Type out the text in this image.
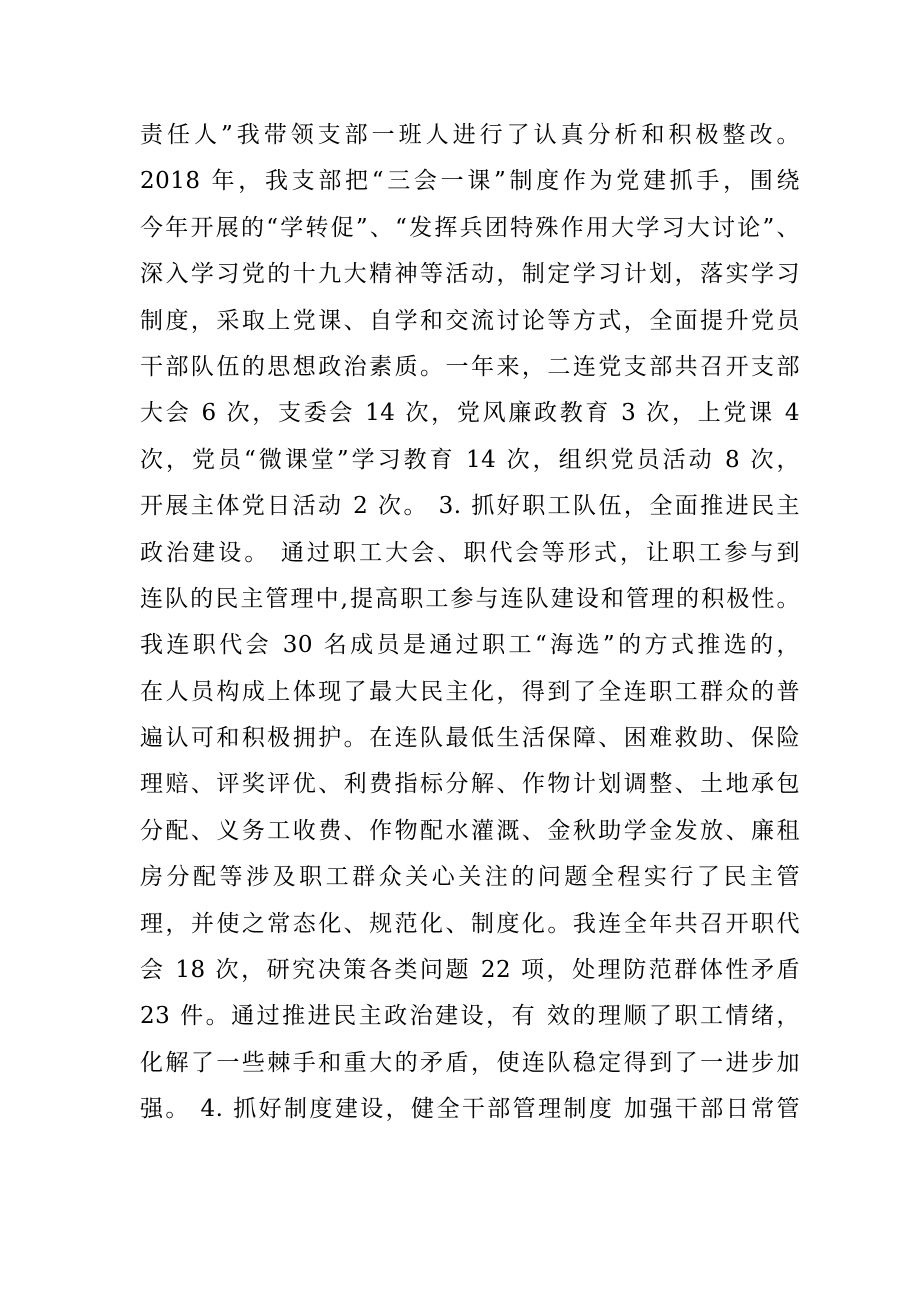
责任人”我带领支部一班人进行了认真分析和积极整改。
2018 年，我支部把“三会一课”制度作为党建抓手，围绕
今年开展的“学转促”、“发挥兵团特殊作用大学习大讨论”、
深入学习党的十九大精神等活动，制定学习计划，落实学习
制度，采取上党课、自学和交流讨论等方式，全面提升党员
干部队伍的思想政治素质。一年来，二连党支部共召开支部
大会 6 次，支委会 14 次，党风廉政教育 3 次，上党课 4
次，党员“微课堂”学习教育 14 次，组织党员活动 8 次，
开展主体党日活动 2 次。 3. 抓好职工队伍，全面推进民主
政治建设。 通过职工大会、职代会等形式，让职工参与到
连队的民主管理中,提高职工参与连队建设和管理的积极性。
我连职代会 30 名成员是通过职工“海选”的方式推选的，
在人员构成上体现了最大民主化，得到了全连职工群众的普
遍认可和积极拥护。在连队最低生活保障、困难救助、保险
理赔、评奖评优、利费指标分解、作物计划调整、土地承包
分配、义务工收费、作物配水灌溉、金秋助学金发放、廉租
房分配等涉及职工群众关心关注的问题全程实行了民主管
理，并使之常态化、规范化、制度化。我连全年共召开职代
会 18 次，研究决策各类问题 22 项，处理防范群体性矛盾
23 件。通过推进民主政治建设，有 效的理顺了职工情绪，
化解了一些棘手和重大的矛盾，使连队稳定得到了一进步加
强。 4. 抓好制度建设，健全干部管理制度 加强干部日常管
